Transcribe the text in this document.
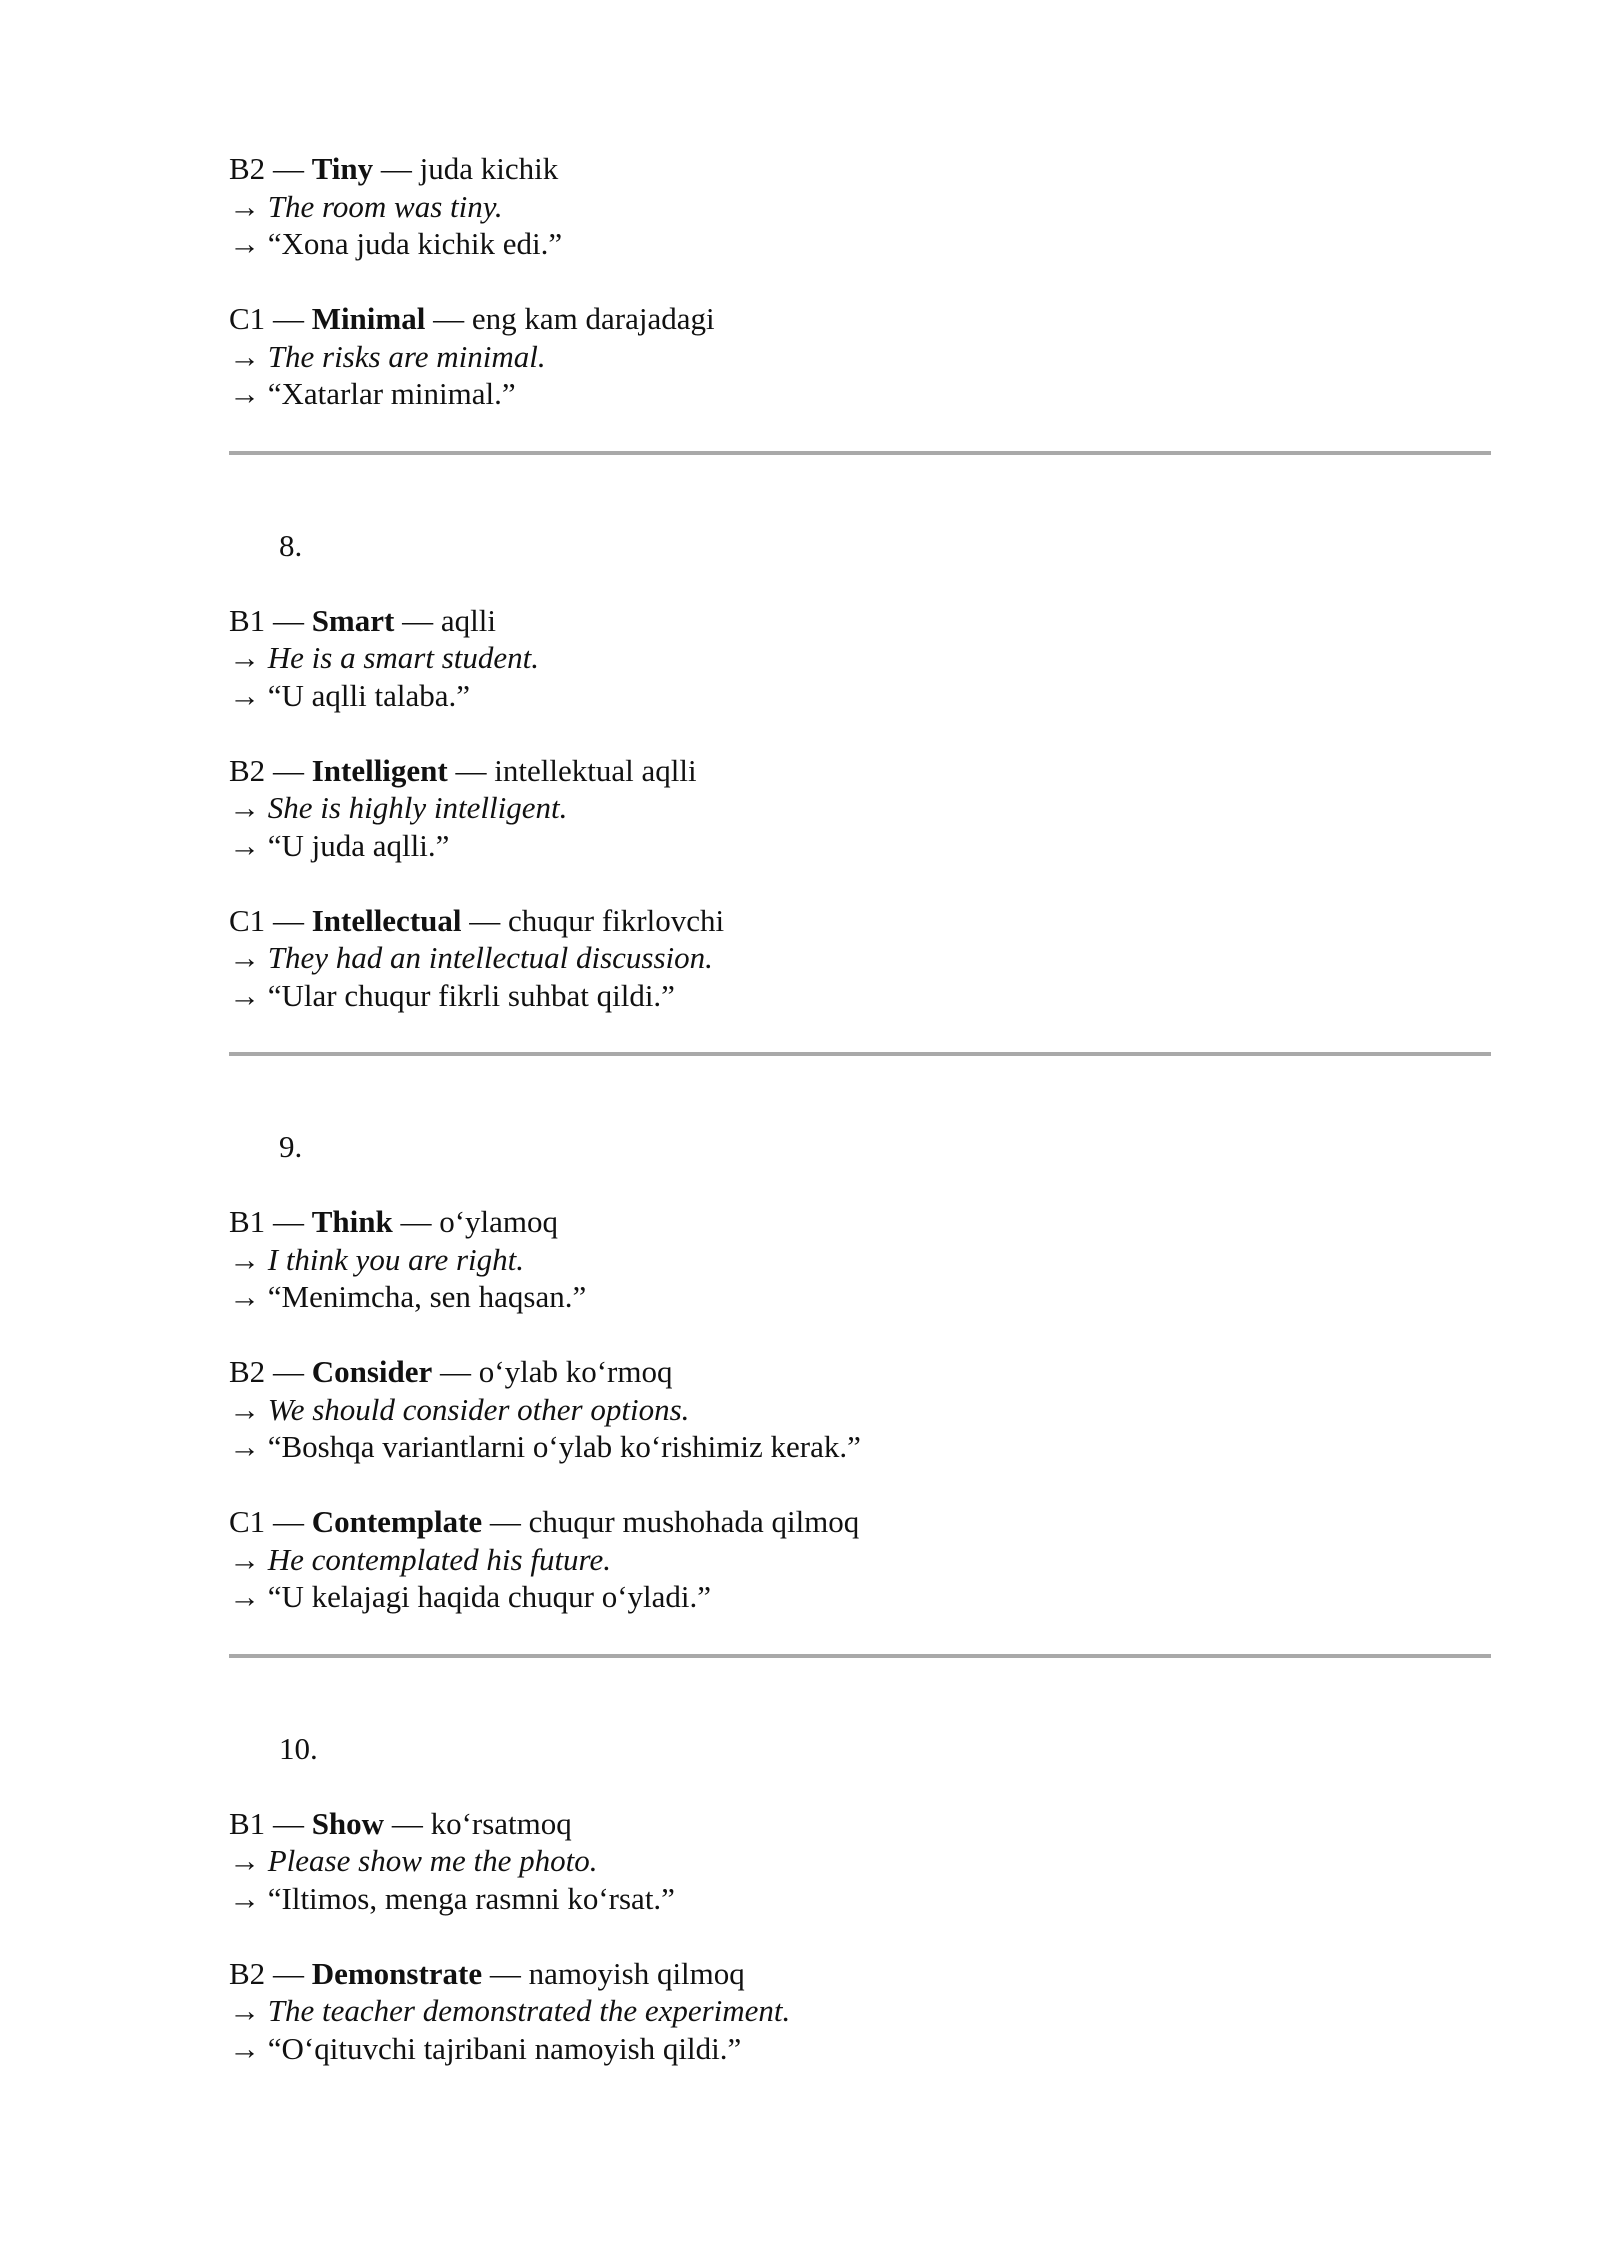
B2 — Tiny — juda kichik
→ The room was tiny.
→ “Xona juda kichik edi.”
C1 — Minimal — eng kam darajadagi
→ The risks are minimal.
→ “Xatarlar minimal.”
8.
B1 — Smart — aqlli
→ He is a smart student.
→ “U aqlli talaba.”
B2 — Intelligent — intellektual aqlli
→ She is highly intelligent.
→ “U juda aqlli.”
C1 — Intellectual — chuqur fikrlovchi
→ They had an intellectual discussion.
→ “Ular chuqur fikrli suhbat qildi.”
9.
B1 — Think — o‘ylamoq
→ I think you are right.
→ “Menimcha, sen haqsan.”
B2 — Consider — o‘ylab ko‘rmoq
→ We should consider other options.
→ “Boshqa variantlarni o‘ylab ko‘rishimiz kerak.”
C1 — Contemplate — chuqur mushohada qilmoq
→ He contemplated his future.
→ “U kelajagi haqida chuqur o‘yladi.”
10.
B1 — Show — ko‘rsatmoq
→ Please show me the photo.
→ “Iltimos, menga rasmni ko‘rsat.”
B2 — Demonstrate — namoyish qilmoq
→ The teacher demonstrated the experiment.
→ “O‘qituvchi tajribani namoyish qildi.”
